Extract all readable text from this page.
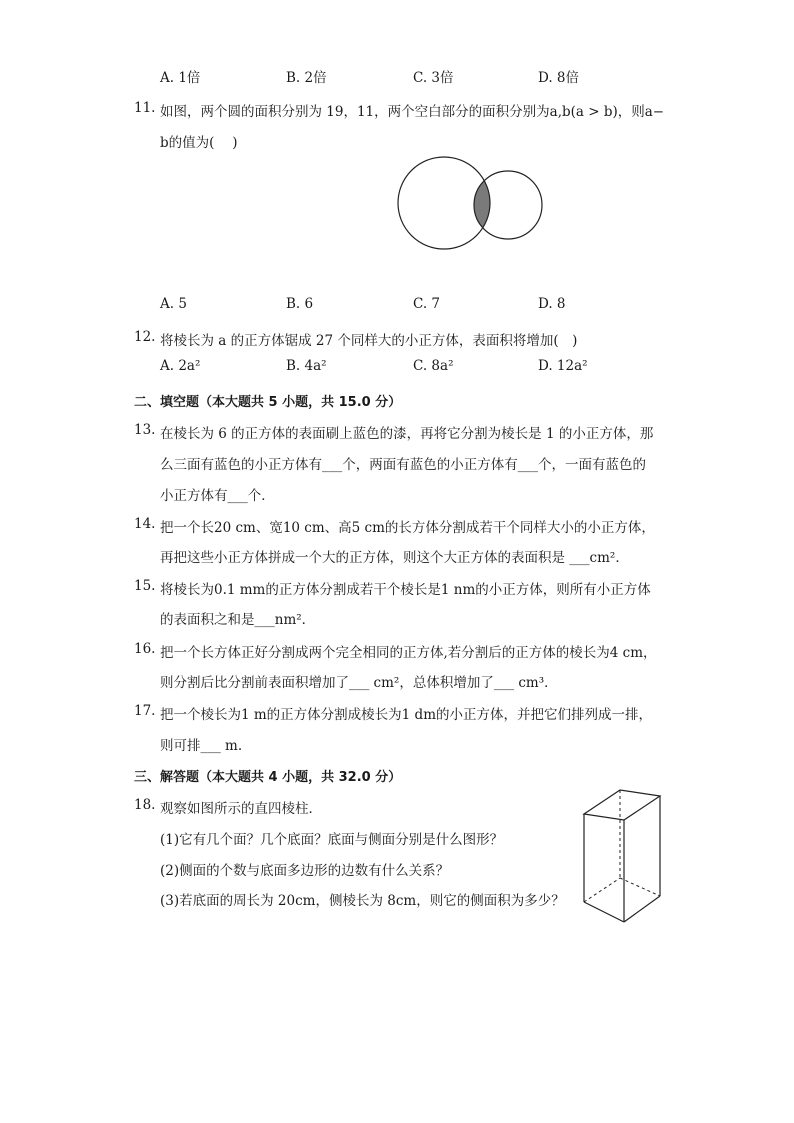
A. 1倍	B. 2倍	C. 3倍	D. 8倍
11. 如图，两个圆的面积分别为 19，11，两个空白部分的面积分别为a,b(a > b)，则a−
b的值为(　 )
A. 5	B. 6	C. 7	D. 8
12. 将棱长为 a 的正方体锯成 27 个同样大的小正方体，表面积将增加(　)
A. 2a²	B. 4a²	C. 8a²	D. 12a²
二、填空题（本大题共 5 小题，共 15.0 分）
13. 在棱长为 6 的正方体的表面刷上蓝色的漆，再将它分割为棱长是 1 的小正方体，那
么三面有蓝色的小正方体有___个，两面有蓝色的小正方体有___个，一面有蓝色的
小正方体有___个．
14. 把一个长20 cm、宽10 cm、高5 cm的长方体分割成若干个同样大小的小正方体，
再把这些小正方体拼成一个大的正方体，则这个大正方体的表面积是 ___cm²．
15. 将棱长为0.1 mm的正方体分割成若干个棱长是1 nm的小正方体，则所有小正方体
的表面积之和是___nm²．
16. 把一个长方体正好分割成两个完全相同的正方体,若分割后的正方体的棱长为4 cm，
则分割后比分割前表面积增加了___ cm²，总体积增加了___ cm³．
17. 把一个棱长为1 m的正方体分割成棱长为1 dm的小正方体，并把它们排列成一排，
则可排___ m.
三、解答题（本大题共 4 小题，共 32.0 分）
18. 观察如图所示的直四棱柱．
(1)它有几个面？几个底面？底面与侧面分别是什么图形？
(2)侧面的个数与底面多边形的边数有什么关系？
(3)若底面的周长为 20cm，侧棱长为 8cm，则它的侧面积为多少？
